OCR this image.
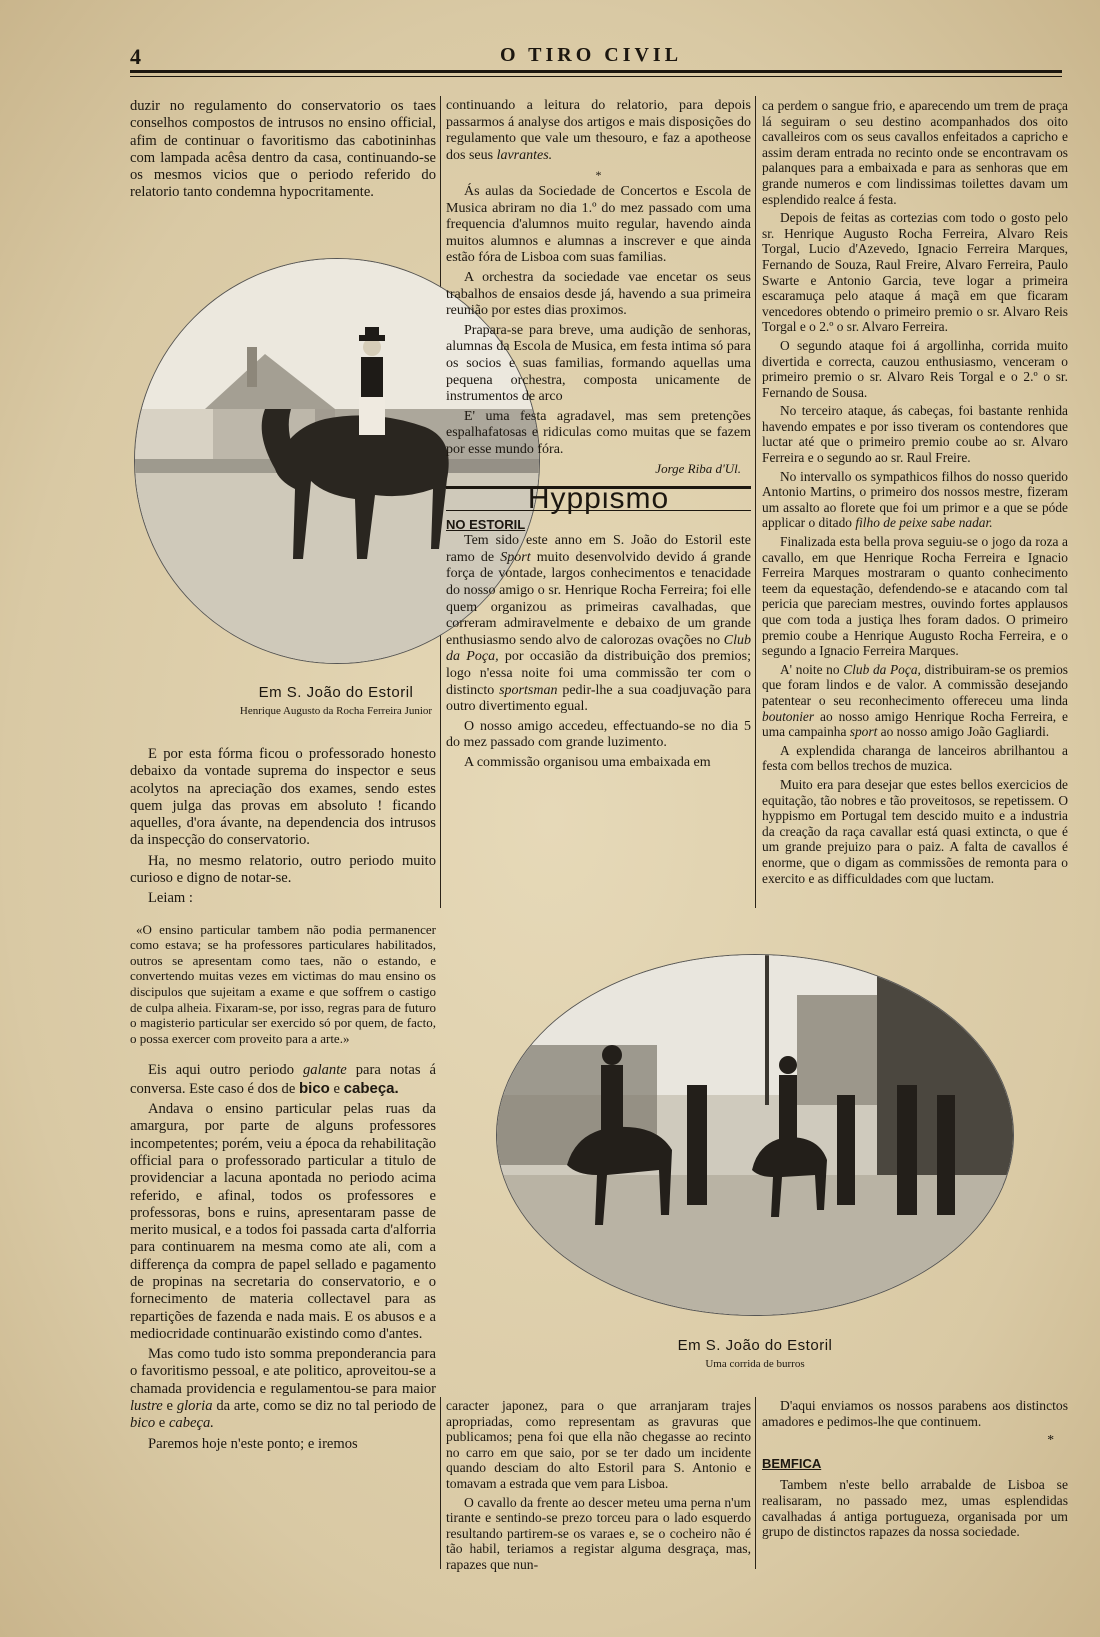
O TIRO CIVIL
4

duzir no regulamento do conservatorio os taes conselhos compostos de intrusos no ensino official, afim de continuar o favoritismo das cabotininhas com lampada acêsa dentro da casa, continuando-se os mesmos vicios que o periodo referido do relatorio tanto condemna hypocritamente.

Em S. João do Estoril
Henrique Augusto da Rocha Ferreira Junior

E por esta fórma ficou o professorado honesto debaixo da vontade suprema do inspector e seus acolytos na apreciação dos exames, sendo estes quem julga das provas em absoluto ! ficando aquelles, d'ora ávante, na dependencia dos intrusos da inspecção do conservatorio.

Ha, no mesmo relatorio, outro periodo muito curioso e digno de notar-se.

Leiam :

«O ensino particular tambem não podia permanencer como estava; se ha professores particulares habilitados, outros se apresentam como taes, não o estando, e convertendo muitas vezes em victimas do mau ensino os discipulos que sujeitam a exame e que soffrem o castigo de culpa alheia. Fixaram-se, por isso, regras para de futuro o magisterio particular ser exercido só por quem, de facto, o possa exercer com proveito para a arte.»

Eis aqui outro periodo galante para notas á conversa. Este caso é dos de bico e cabeça.

Andava o ensino particular pelas ruas da amargura, por parte de alguns professores incompetentes; porém, veiu a época da rehabilitação official para o professorado particular a titulo de providenciar a lacuna apontada no periodo acima referido, e afinal, todos os professores e professoras, bons e ruins, apresentaram passe de merito musical, e a todos foi passada carta d'alforria para continuarem na mesma como ate ali, com a differença da compra de papel sellado e pagamento de propinas na secretaria do conservatorio, e o fornecimento de materia collectavel para as repartições de fazenda e nada mais. E os abusos e a mediocridade continuarão existindo como d'antes.

Mas como tudo isto somma preponderancia para o favoritismo pessoal, e ate politico, aproveitou-se a chamada providencia e regulamentou-se para maior lustre e gloria da arte, como se diz no tal periodo de bico e cabeça.

Paremos hoje n'este ponto; e iremos

continuando a leitura do relatorio, para depois passarmos á analyse dos artigos e mais disposições do regulamento que vale um thesouro, e faz a apotheose dos seus lavrantes.

*

Ás aulas da Sociedade de Concertos e Escola de Musica abriram no dia 1.º do mez passado com uma frequencia d'alumnos muito regular, havendo ainda muitos alumnos e alumnas a inscrever e que ainda estão fóra de Lisboa com suas familias.

A orchestra da sociedade vae encetar os seus trabalhos de ensaios desde já, havendo a sua primeira reunião por estes dias proximos.

Prapara-se para breve, uma audição de senhoras, alumnas da Escola de Musica, em festa intima só para os socios e suas familias, formando aquellas uma pequena orchestra, composta unicamente de instrumentos de arco

E' uma festa agradavel, mas sem pretenções espalhafatosas e ridiculas como muitas que se fazem por esse mundo fóra.

Jorge Riba d'Ul.
Hyppismo
NO ESTORIL

Tem sido este anno em S. João do Estoril este ramo de Sport muito desenvolvido devido á grande força de vontade, largos conhecimentos e tenacidade do nosso amigo o sr. Henrique Rocha Ferreira; foi elle quem organizou as primeiras cavalhadas, que correram admiravelmente e debaixo de um grande enthusiasmo sendo alvo de calorozas ovações no Club da Poça, por occasião da distribuição dos premios; logo n'essa noite foi uma commissão ter com o distincto sportsman pedir-lhe a sua coadjuvação para outro divertimento egual.

O nosso amigo accedeu, effectuando-se no dia 5 do mez passado com grande luzimento.

A commissão organisou uma embaixada em

ca perdem o sangue frio, e aparecendo um trem de praça lá seguiram o seu destino acompanhados dos oito cavalleiros com os seus cavallos enfeitados a capricho e assim deram entrada no recinto onde se encontravam os palanques para a embaixada e para as senhoras que em grande numeros e com lindissimas toilettes davam um esplendido realce á festa.

Depois de feitas as cortezias com todo o gosto pelo sr. Henrique Augusto Rocha Ferreira, Alvaro Reis Torgal, Lucio d'Azevedo, Ignacio Ferreira Marques, Fernando de Souza, Raul Freire, Alvaro Ferreira, Paulo Swarte e Antonio Garcia, teve logar a primeira escaramuça pelo ataque á maçã em que ficaram vencedores obtendo o primeiro premio o sr. Alvaro Reis Torgal e o 2.º o sr. Alvaro Ferreira.

O segundo ataque foi á argollinha, corrida muito divertida e correcta, cauzou enthusiasmo, venceram o primeiro premio o sr. Alvaro Reis Torgal e o 2.º o sr. Fernando de Sousa.

No terceiro ataque, ás cabeças, foi bastante renhida havendo empates e por isso tiveram os contendores que luctar até que o primeiro premio coube ao sr. Alvaro Ferreira e o segundo ao sr. Raul Freire.

No intervallo os sympathicos filhos do nosso querido Antonio Martins, o primeiro dos nossos mestre, fizeram um assalto ao florete que foi um primor e a que se póde applicar o ditado filho de peixe sabe nadar.

Finalizada esta bella prova seguiu-se o jogo da roza a cavallo, em que Henrique Rocha Ferreira e Ignacio Ferreira Marques mostraram o quanto conhecimento teem da equestação, defendendo-se e atacando com tal pericia que pareciam mestres, ouvindo fortes applausos que com toda a justiça lhes foram dados. O primeiro premio coube a Henrique Augusto Rocha Ferreira, e o segundo a Ignacio Ferreira Marques.

A' noite no Club da Poça, distribuiram-se os premios que foram lindos e de valor. A commissão desejando patentear o seu reconhecimento offereceu uma linda boutonier ao nosso amigo Henrique Rocha Ferreira, e uma campainha sport ao nosso amigo João Gagliardi.

A explendida charanga de lanceiros abrilhantou a festa com bellos trechos de muzica.

Muito era para desejar que estes bellos exercicios de equitação, tão nobres e tão proveitosos, se repetissem. O hyppismo em Portugal tem descido muito e a industria da creação da raça cavallar está quasi extincta, o que é um grande prejuizo para o paiz. A falta de cavallos é enorme, que o digam as commissões de remonta para o exercito e as difficuldades com que luctam.

Em S. João do Estoril
Uma corrida de burros

caracter japonez, para o que arranjaram trajes apropriadas, como representam as gravuras que publicamos; pena foi que ella não chegasse ao recinto no carro em que saio, por se ter dado um incidente quando desciam do alto Estoril para S. Antonio e tomavam a estrada que vem para Lisboa.

O cavallo da frente ao descer meteu uma perna n'um tirante e sentindo-se prezo torceu para o lado esquerdo resultando partirem-se os varaes e, se o cocheiro não é tão habil, teriamos a registar alguma desgraça, mas, rapazes que nun-

D'aqui enviamos os nossos parabens aos distinctos amadores e pedimos-lhe que continuem.

*
BEMFICA

Tambem n'este bello arrabalde de Lisboa se realisaram, no passado mez, umas esplendidas cavalhadas á antiga portugueza, organisada por um grupo de distinctos rapazes da nossa sociedade.
